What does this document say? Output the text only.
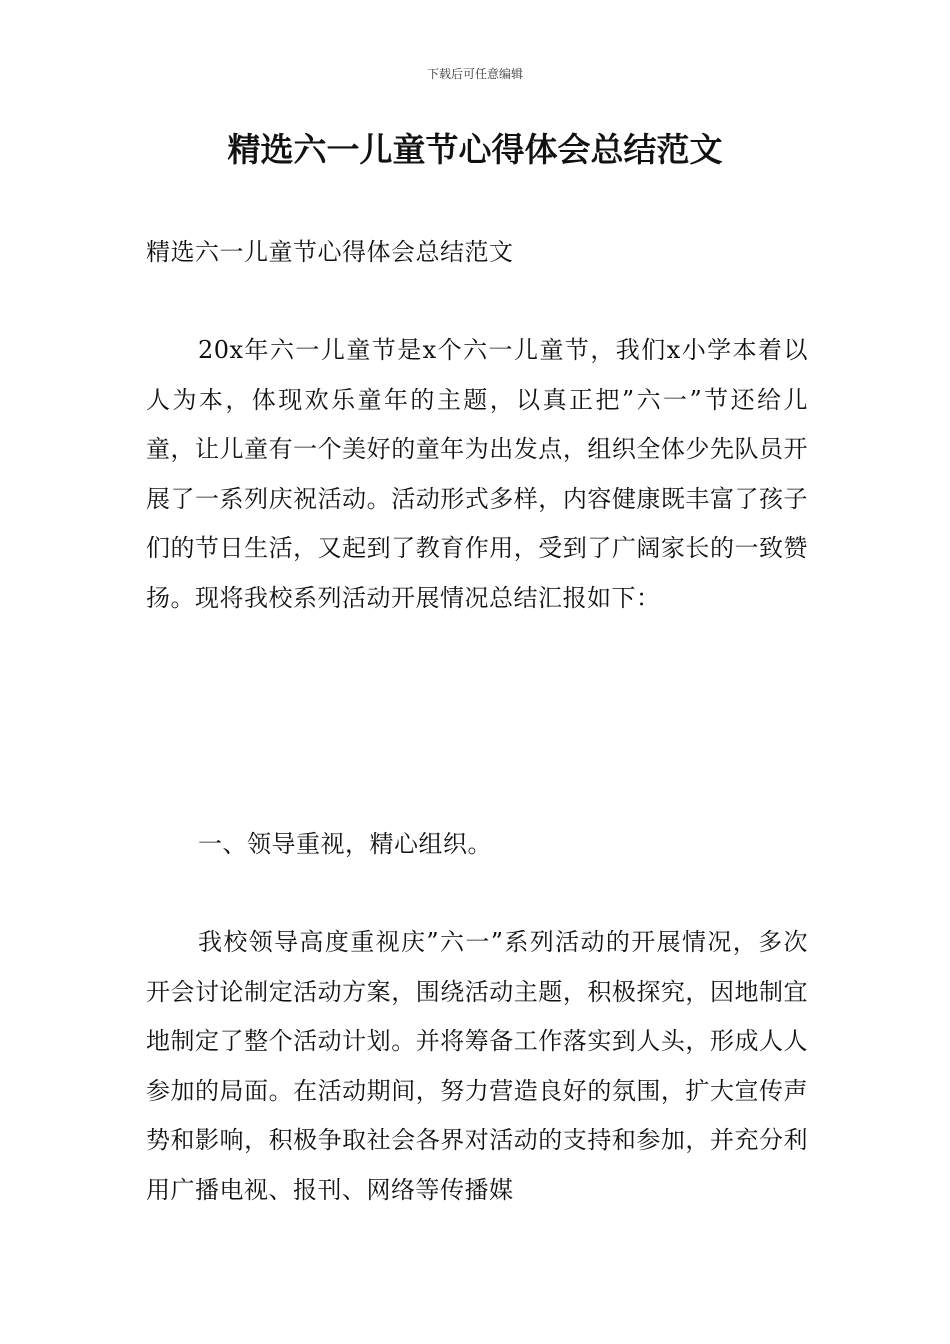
下载后可任意编辑
精选六一儿童节心得体会总结范文

精选六一儿童节心得体会总结范文

20x年六一儿童节是x个六一儿童节，我们x小学本着以人为本，体现欢乐童年的主题，以真正把”六一”节还给儿童，让儿童有一个美好的童年为出发点，组织全体少先队员开展了一系列庆祝活动。活动形式多样，内容健康既丰富了孩子们的节日生活，又起到了教育作用，受到了广阔家长的一致赞扬。现将我校系列活动开展情况总结汇报如下：

一、领导重视，精心组织。

我校领导高度重视庆”六一”系列活动的开展情况，多次开会讨论制定活动方案，围绕活动主题，积极探究，因地制宜地制定了整个活动计划。并将筹备工作落实到人头，形成人人参加的局面。在活动期间，努力营造良好的氛围，扩大宣传声势和影响，积极争取社会各界对活动的支持和参加，并充分利用广播电视、报刊、网络等传播媒
